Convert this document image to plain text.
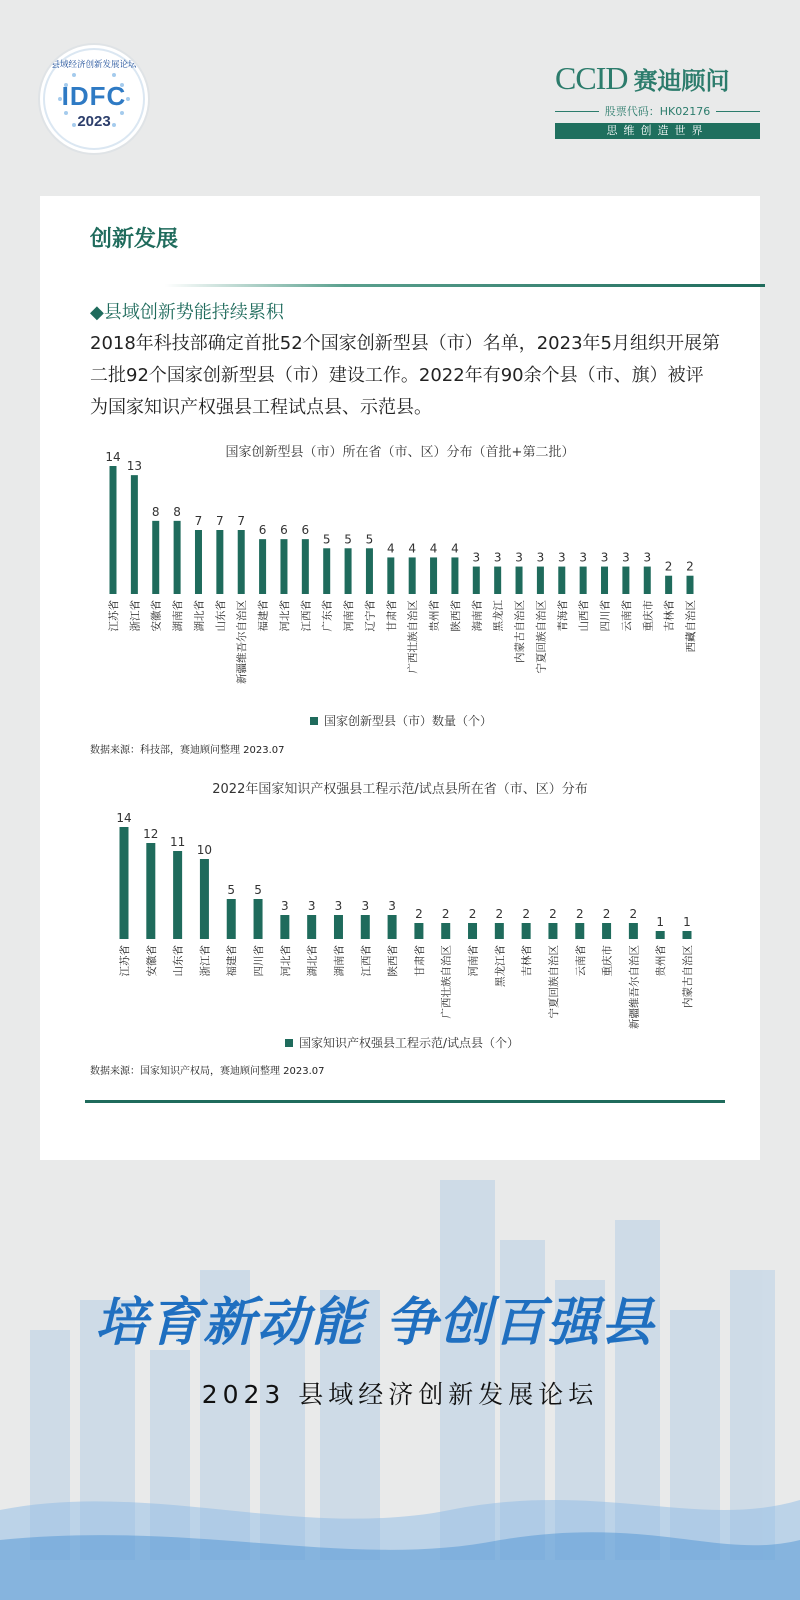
县域经济创新发展论坛
IDFC
2023
CCID 赛迪顾问
股票代码：HK02176
思维创造世界
创新发展
◆县域创新势能持续累积
2018年科技部确定首批52个国家创新型县（市）名单，2023年5月组织开展第二批92个国家创新型县（市）建设工作。2022年有90余个县（市、旗）被评为国家知识产权强县工程试点县、示范县。
国家创新型县（市）所在省（市、区）分布（首批+第二批）
14
江苏省
13
浙江省
8
安徽省
8
湖南省
7
湖北省
7
山东省
7
新疆维吾尔自治区
6
福建省
6
河北省
6
江西省
5
广东省
5
河南省
5
辽宁省
4
甘肃省
4
广西壮族自治区
4
贵州省
4
陕西省
3
海南省
3
黑龙江
3
内蒙古自治区
3
宁夏回族自治区
3
青海省
3
山西省
3
四川省
3
云南省
3
重庆市
2
吉林省
2
西藏自治区
国家创新型县（市）数量（个）
数据来源：科技部，赛迪顾问整理 2023.07
2022年国家知识产权强县工程示范/试点县所在省（市、区）分布
14
江苏省
12
安徽省
11
山东省
10
浙江省
5
福建省
5
四川省
3
河北省
3
湖北省
3
湖南省
3
江西省
3
陕西省
2
甘肃省
2
广西壮族自治区
2
河南省
2
黑龙江省
2
吉林省
2
宁夏回族自治区
2
云南省
2
重庆市
2
新疆维吾尔自治区
1
贵州省
1
内蒙古自治区
国家知识产权强县工程示范/试点县（个）
数据来源：国家知识产权局，赛迪顾问整理 2023.07
培育新动能 争创百强县
2023 县域经济创新发展论坛
